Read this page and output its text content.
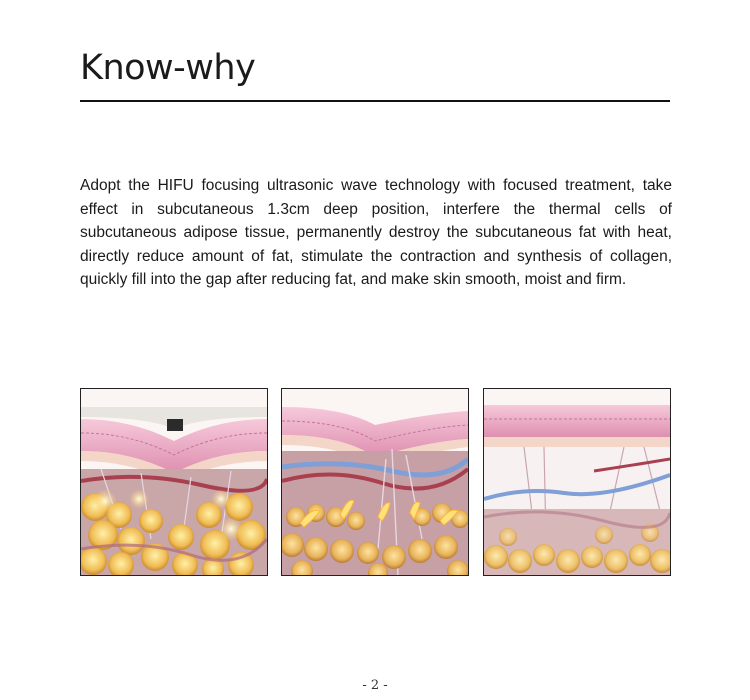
Know-why

Adopt the HIFU focusing ultrasonic wave technology with focused treatment, take effect in subcutaneous 1.3cm deep position, interfere the thermal cells of subcutaneous adipose tissue, permanently destroy the subcutaneous fat with heat, directly reduce amount of fat, stimulate the contraction and synthesis of collagen, quickly fill into the gap after reducing fat, and make skin smooth, moist and firm.

- 2 -
